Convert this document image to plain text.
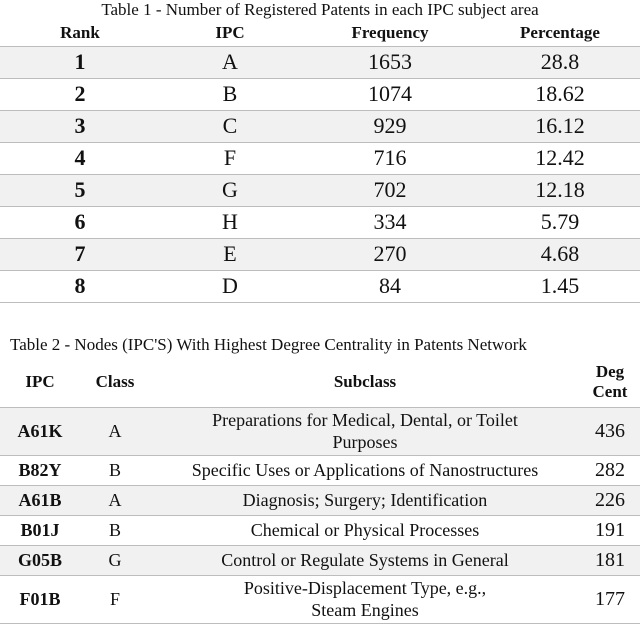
Table 1 - Number of Registered Patents in each IPC subject area
Rank	IPC	Frequency	Percentage
1	A	1653	28.8
2	B	1074	18.62
3	C	929	16.12
4	F	716	12.42
5	G	702	12.18
6	H	334	5.79
7	E	270	4.68
8	D	84	1.45
Table 2 - Nodes (IPC'S) With Highest Degree Centrality in Patents Network
IPC	Class	Subclass	Deg Cent
A61K	A	Preparations for Medical, Dental, or Toilet Purposes	436
B82Y	B	Specific Uses or Applications of Nanostructures	282
A61B	A	Diagnosis; Surgery; Identification	226
B01J	B	Chemical or Physical Processes	191
G05B	G	Control or Regulate Systems in General	181
F01B	F	Positive-Displacement Type, e.g., Steam Engines	177
